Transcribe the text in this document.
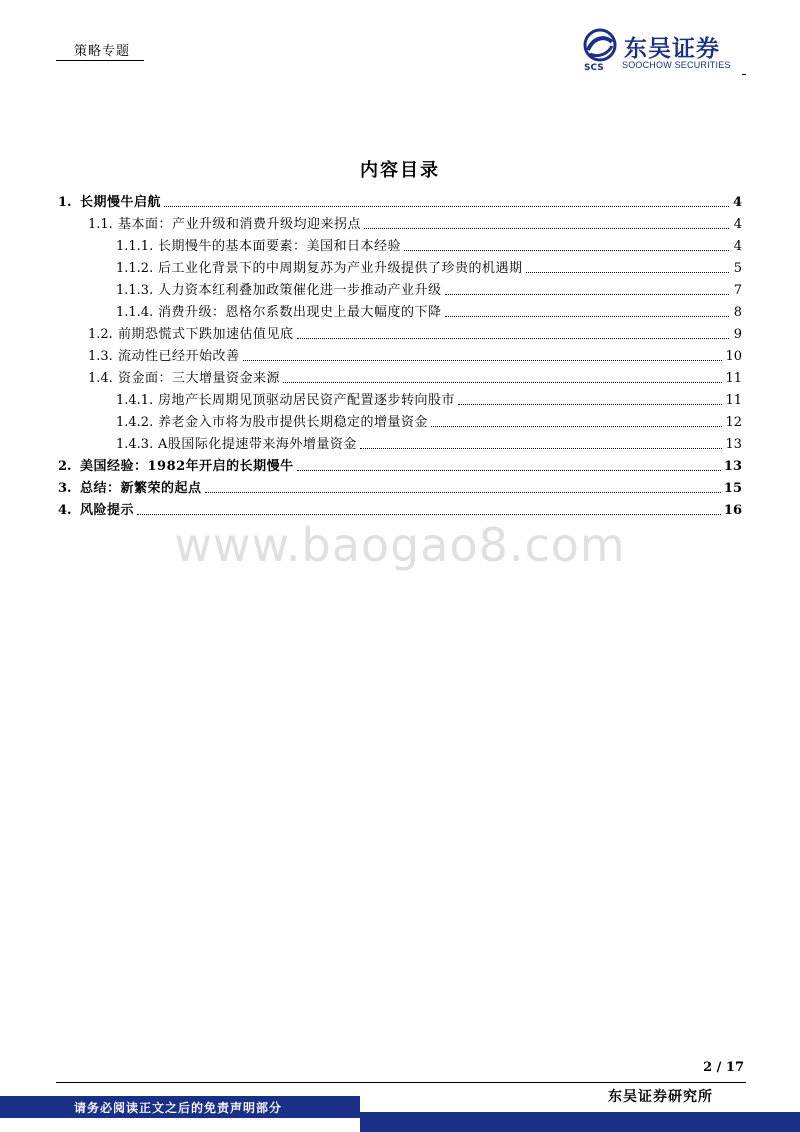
策略专题
SCS
东吴证券
SOOCHOW SECURITIES
内容目录
1. 长期慢牛启航	4
1.1. 基本面：产业升级和消费升级均迎来拐点	4
1.1.1. 长期慢牛的基本面要素：美国和日本经验	4
1.1.2. 后工业化背景下的中周期复苏为产业升级提供了珍贵的机遇期	5
1.1.3. 人力资本红利叠加政策催化进一步推动产业升级	7
1.1.4. 消费升级：恩格尔系数出现史上最大幅度的下降	8
1.2. 前期恐慌式下跌加速估值见底	9
1.3. 流动性已经开始改善	10
1.4. 资金面：三大增量资金来源	11
1.4.1. 房地产长周期见顶驱动居民资产配置逐步转向股市	11
1.4.2. 养老金入市将为股市提供长期稳定的增量资金	12
1.4.3. A股国际化提速带来海外增量资金	13
2. 美国经验：1982年开启的长期慢牛	13
3. 总结：新繁荣的起点	15
4. 风险提示	16
www.baogao8.com
2 / 17
请务必阅读正文之后的免责声明部分
东吴证券研究所
